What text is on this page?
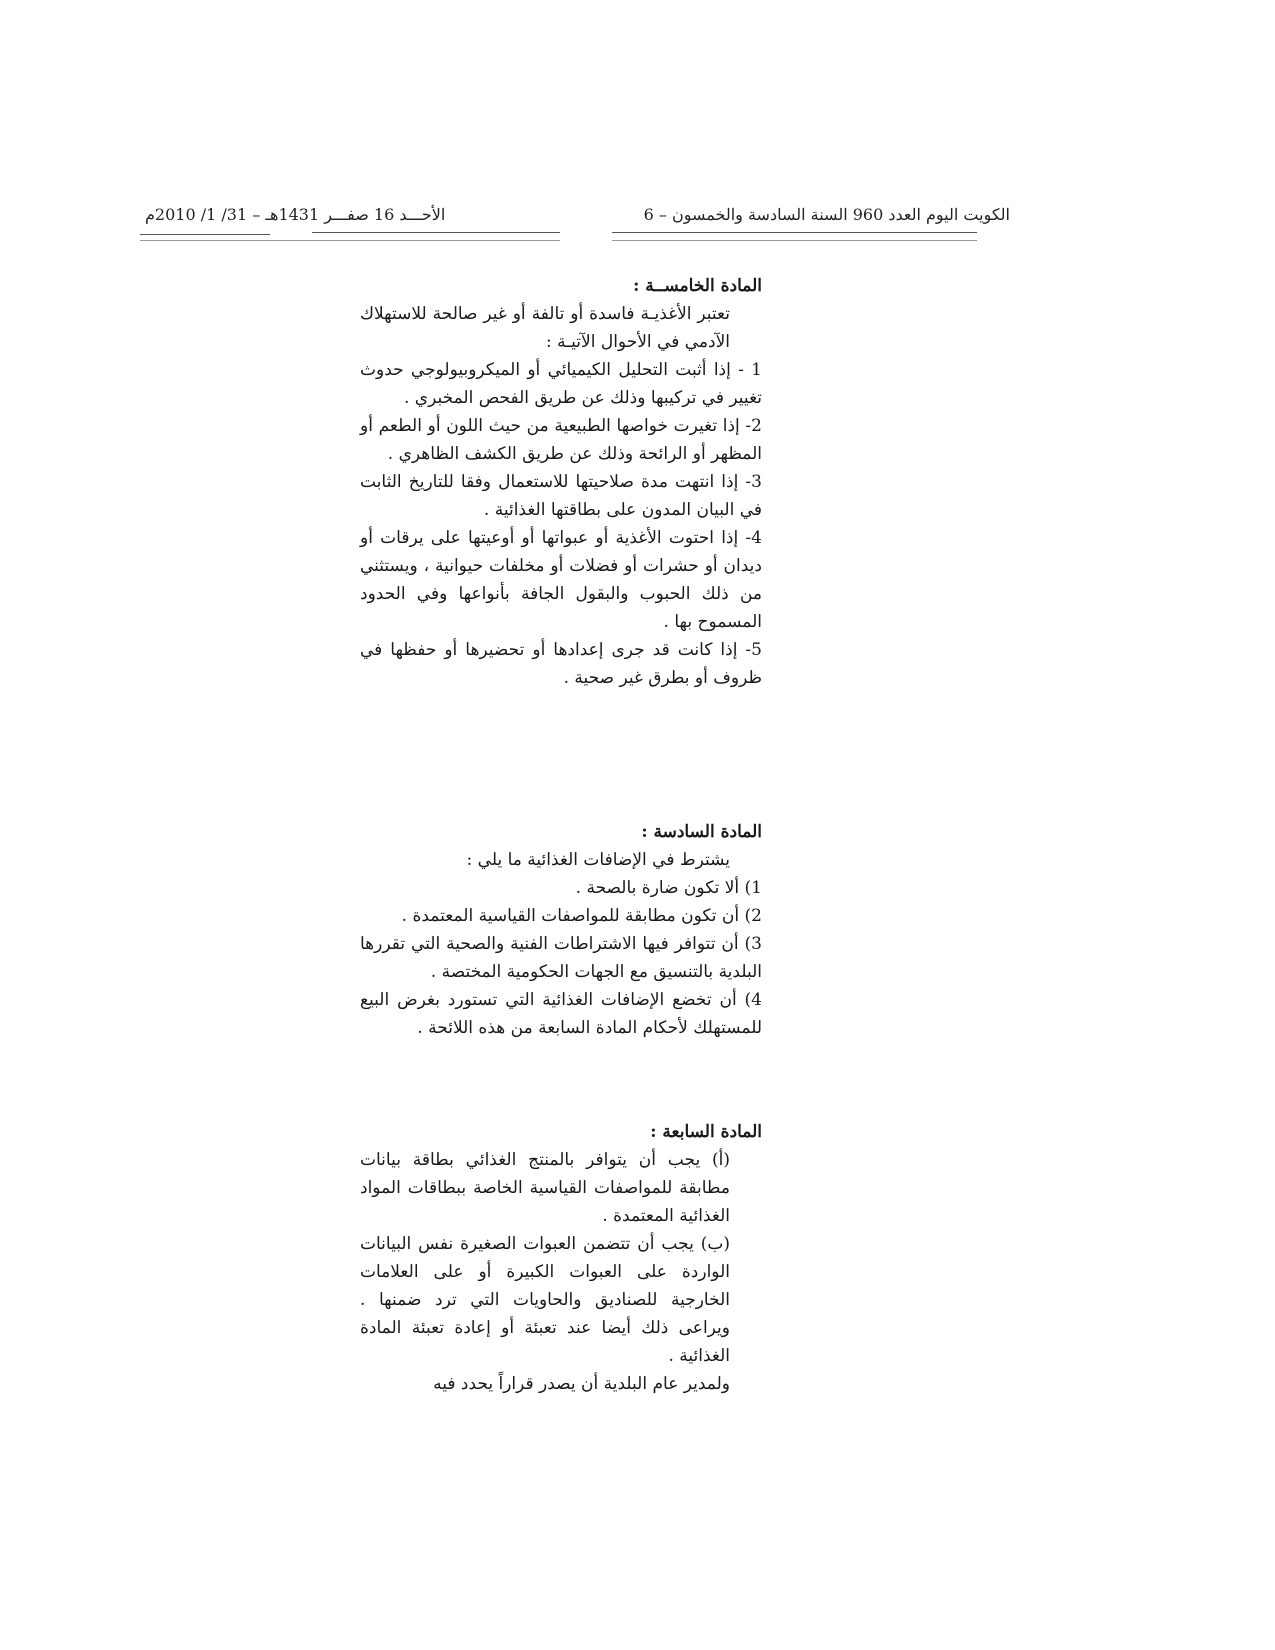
الكويت اليوم العدد 960 السنة السادسة والخمسون – 6
الأحـــد 16 صفـــر 1431هـ – 31/ 1/ 2010م

المادة الخامســة :

تعتبر الأغذيـة فاسدة أو تالفة أو غير صالحة للاستهلاك الآدمي في الأحوال الآتيـة :

1 - إذا أثبت التحليل الكيميائي أو الميكروبيولوجي حدوث تغيير في تركيبها وذلك عن طريق الفحص المخبري .

2- إذا تغيرت خواصها الطبيعية من حيث اللون أو الطعم أو المظهر أو الرائحة وذلك عن طريق الكشف الظاهري .

3- إذا انتهت مدة صلاحيتها للاستعمال وفقا للتاريخ الثابت في البيان المدون على بطاقتها الغذائية .

4- إذا احتوت الأغذية أو عبواتها أو أوعيتها على يرقات أو ديدان أو حشرات أو فضلات أو مخلفات حيوانية ، ويستثني من ذلك الحبوب والبقول الجافة بأنواعها وفي الحدود المسموح بها .

5- إذا كانت قد جرى إعدادها أو تحضيرها أو حفظها في ظروف أو بطرق غير صحية .

المادة السادسة :

يشترط في الإضافات الغذائية ما يلي :

1) ألا تكون ضارة بالصحة .

2) أن تكون مطابقة للمواصفات القياسية المعتمدة .

3) أن تتوافر فيها الاشتراطات الفنية والصحية التي تقررها البلدية بالتنسيق مع الجهات الحكومية المختصة .

4) أن تخضع الإضافات الغذائية التي تستورد بغرض البيع للمستهلك لأحكام المادة السابعة من هذه اللائحة .

المادة السابعة :

(أ) يجب أن يتوافر بالمنتج الغذائي بطاقة بيانات مطابقة للمواصفات القياسية الخاصة ببطاقات المواد الغذائية المعتمدة .

(ب) يجب أن تتضمن العبوات الصغيرة نفس البيانات الواردة على العبوات الكبيرة أو على العلامات الخارجية للصناديق والحاويات التي ترد ضمنها . ويراعى ذلك أيضا عند تعبئة أو إعادة تعبئة المادة الغذائية .

ولمدير عام البلدية أن يصدر قراراً يحدد فيه
